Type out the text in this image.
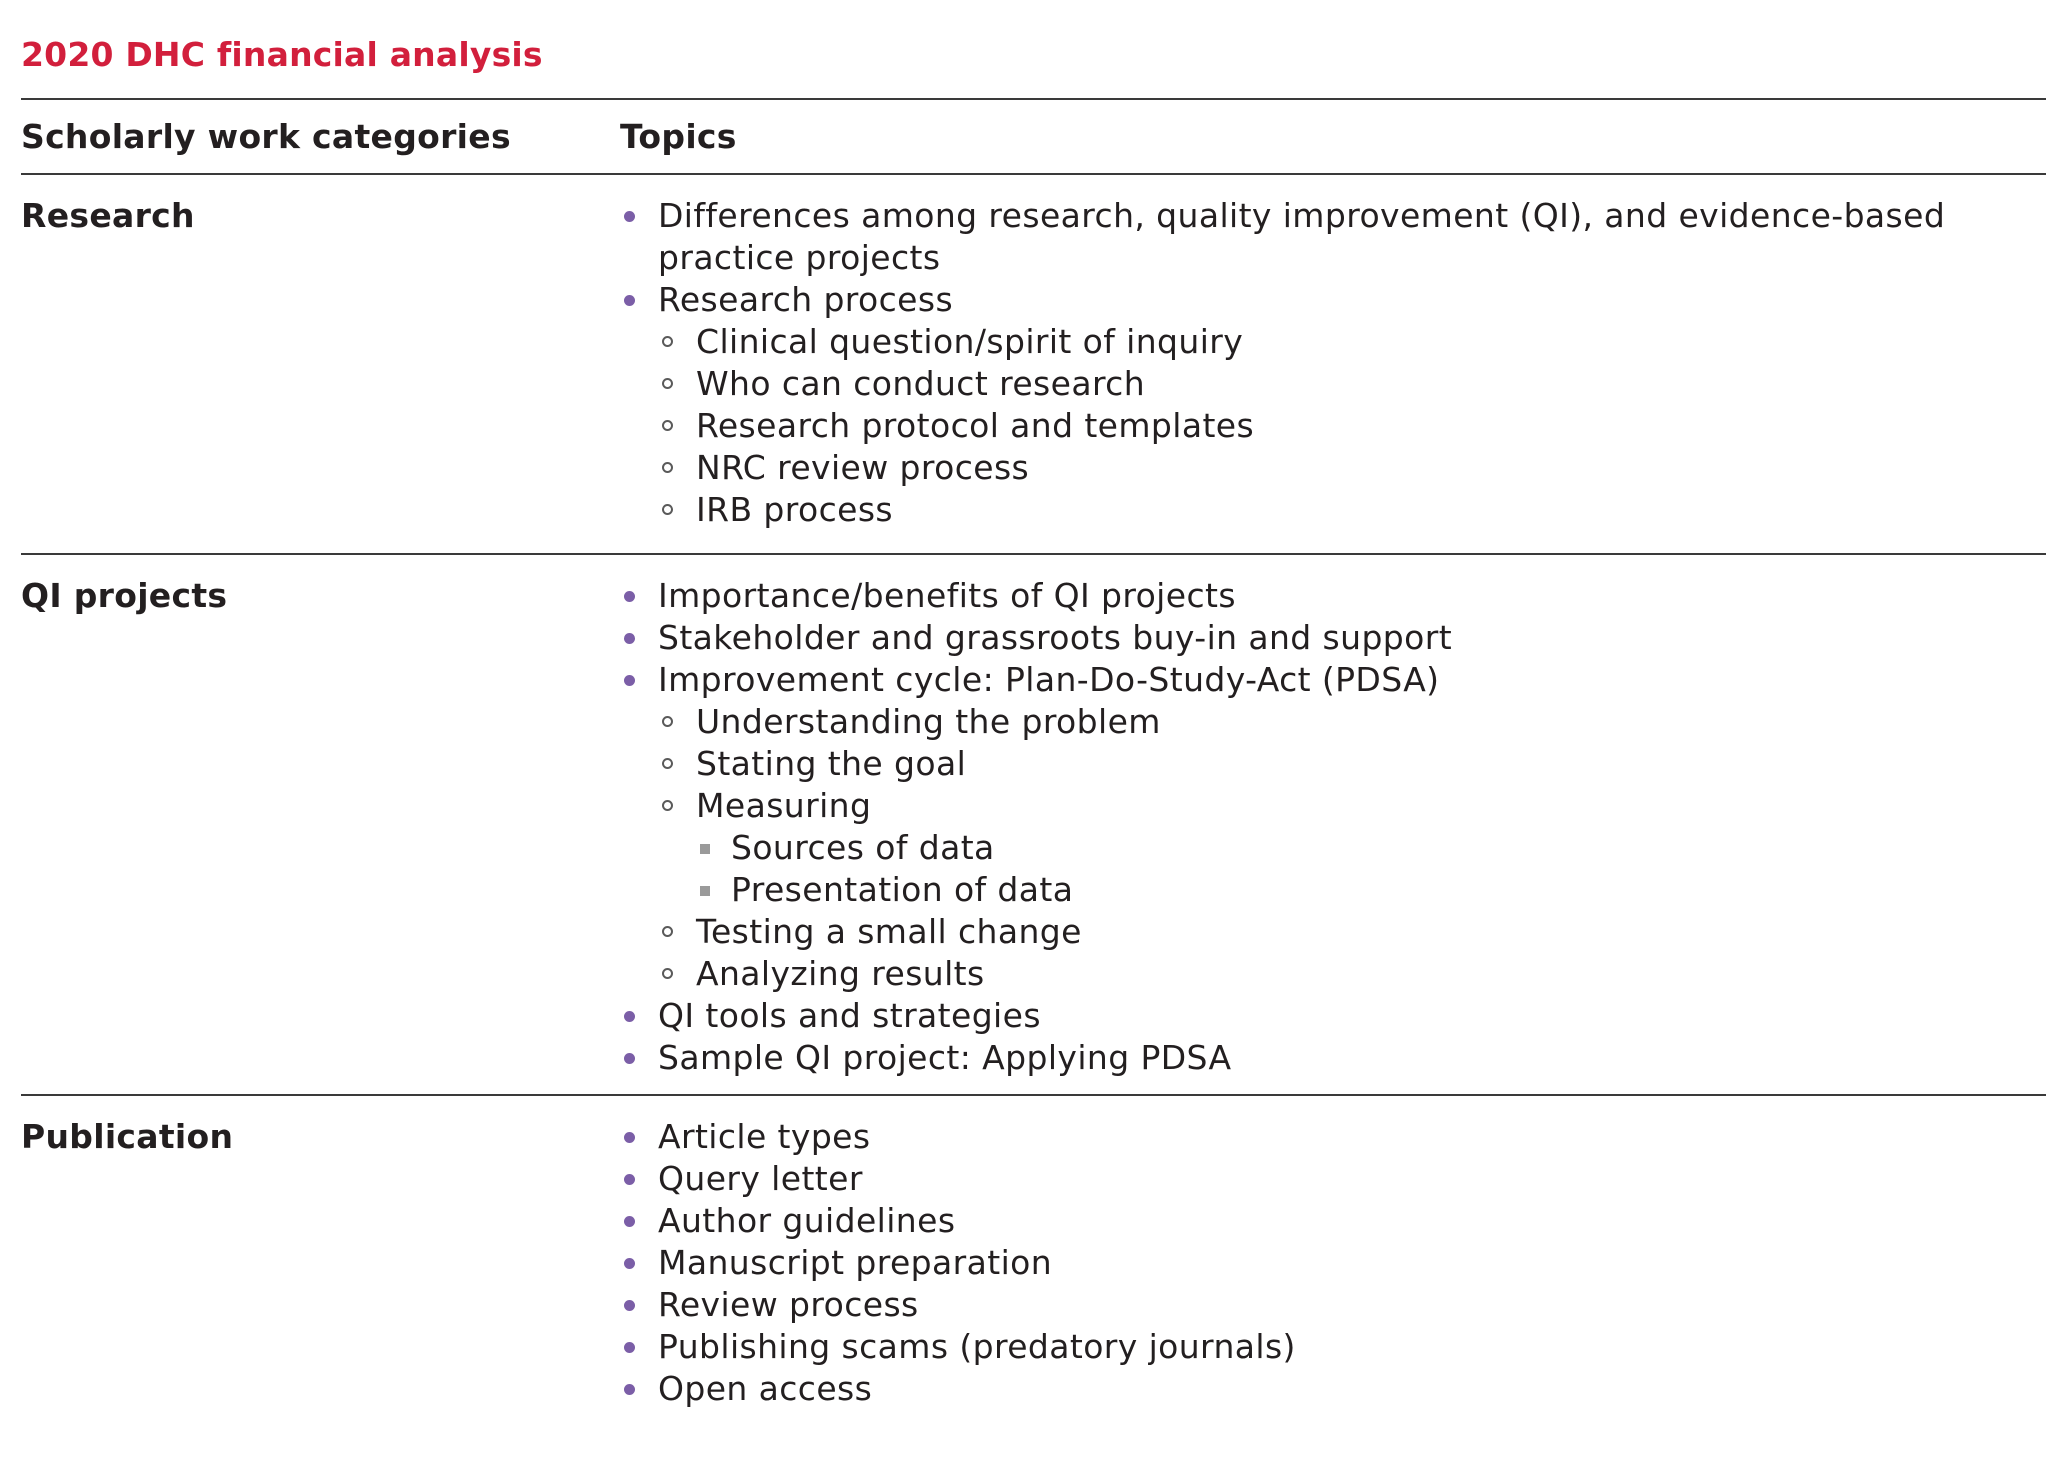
2020 DHC financial analysis
Scholarly work categories	Topics
Research	Differences among research, quality improvement (QI), and evidence-based practice projects
Research process
Clinical question/spirit of inquiry
Who can conduct research
Research protocol and templates
NRC review process
IRB process
QI projects	Importance/benefits of QI projects
Stakeholder and grassroots buy-in and support
Improvement cycle: Plan-Do-Study-Act (PDSA)
Understanding the problem
Stating the goal
Measuring
Sources of data
Presentation of data
Testing a small change
Analyzing results
QI tools and strategies
Sample QI project: Applying PDSA
Publication	Article types
Query letter
Author guidelines
Manuscript preparation
Review process
Publishing scams (predatory journals)
Open access
